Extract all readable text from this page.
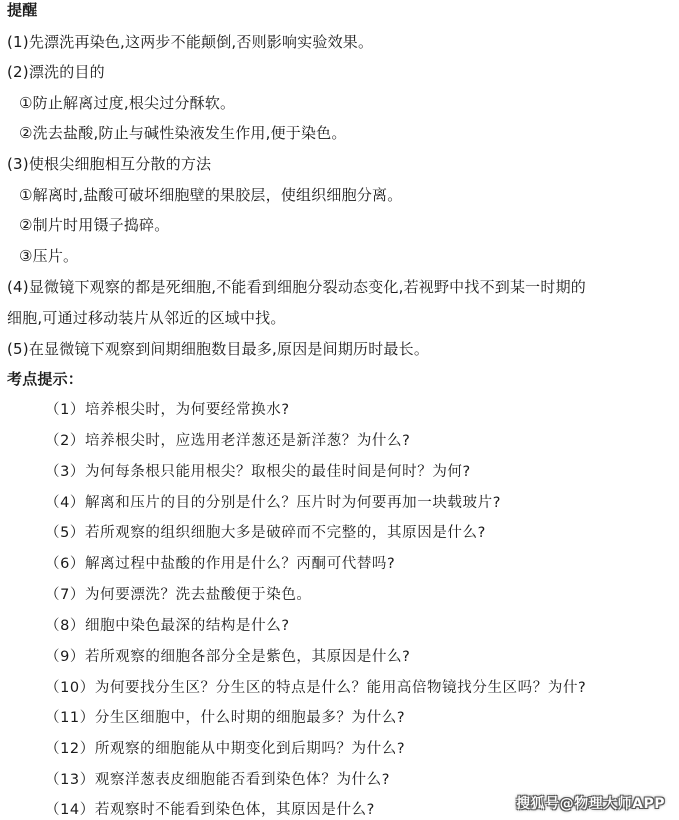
提醒
(1)先漂洗再染色,这两步不能颠倒,否则影响实验效果。
(2)漂洗的目的
①防止解离过度,根尖过分酥软。
②洗去盐酸,防止与碱性染液发生作用,便于染色。
(3)使根尖细胞相互分散的方法
①解离时,盐酸可破坏细胞壁的果胶层，使组织细胞分离。
②制片时用镊子捣碎。
③压片。
(4)显微镜下观察的都是死细胞,不能看到细胞分裂动态变化,若视野中找不到某一时期的
细胞,可通过移动装片从邻近的区域中找。
(5)在显微镜下观察到间期细胞数目最多,原因是间期历时最长。
考点提示：
（1）培养根尖时，为何要经常换水?
（2）培养根尖时，应选用老洋葱还是新洋葱？为什么?
（3）为何每条根只能用根尖？取根尖的最佳时间是何时？为何?
（4）解离和压片的目的分别是什么？压片时为何要再加一块载玻片?
（5）若所观察的组织细胞大多是破碎而不完整的，其原因是什么?
（6）解离过程中盐酸的作用是什么？丙酮可代替吗?
（7）为何要漂洗？洗去盐酸便于染色。
（8）细胞中染色最深的结构是什么?
（9）若所观察的细胞各部分全是紫色，其原因是什么?
（10）为何要找分生区？分生区的特点是什么？能用高倍物镜找分生区吗？为什?
（11）分生区细胞中，什么时期的细胞最多？为什么?
（12）所观察的细胞能从中期变化到后期吗？为什么?
（13）观察洋葱表皮细胞能否看到染色体？为什么?
（14）若观察时不能看到染色体，其原因是什么?	搜狐号@物理大师APP
